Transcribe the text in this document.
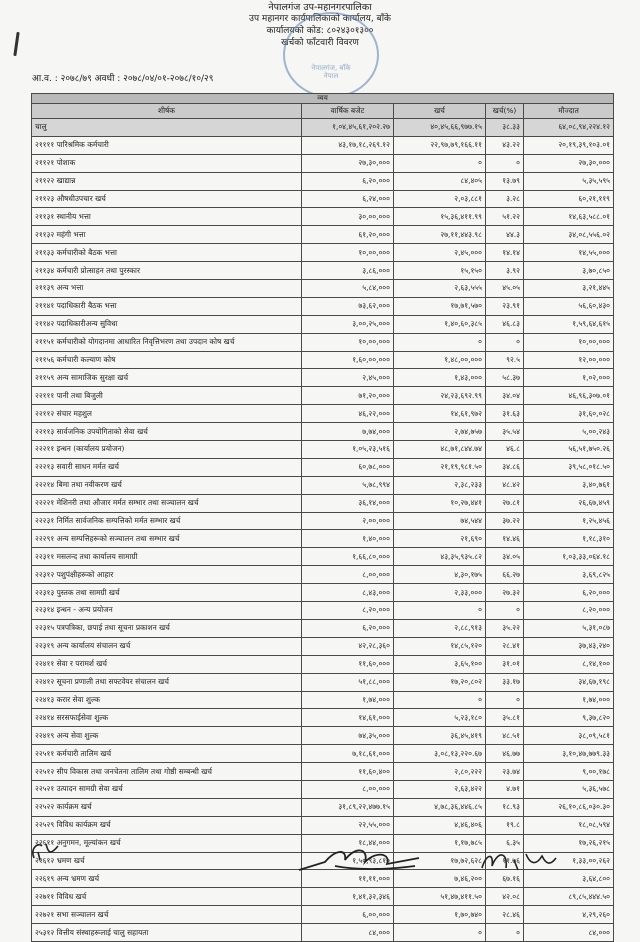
नेपालगंज उप-महानगरपालिका
उप महानगर कार्यपालिकाको कार्यालय, बाँके
कार्यालयको कोड: ८०२४३०१३००
खर्चको फाँटवारी विवरण
नेपालगंज, बाँके
नेपाल
आ.व. : २०७८/७९ अवधी : २०७८/०४/०१-२०७८/१०/२९
व्यय				
शीर्षक	वार्षिक बजेट	खर्च	खर्च(%)	मौज्दात
चालु	१,०४,४५,६१,२०२.२७	४०,४५,६६,९७७.१५	३८.३३	६४,०८,९४,२२४.१२
२११११ पारिश्रमिक कर्मचारी	४३,१७,१८,२६९.१२	२२,९७,७९,१६६.११	४३.२२	२०,१९,३९,१०३.०१
२११२१ पोशाक	२७,३०,०००	०	०	२७,३०,०००
२११२२ खाद्यान्न	६,२०,०००	८४,४०५	१३.७९	५,३५,५९५
२११२३ औषधीउपचार खर्च	६,२४,०००	२,०३,८८१	३.२८	६०,२१,११९
२११३१ स्थानीय भत्ता	३०,००,०००	१५,३६,४११.९९	५१.२२	१४,६३,५८८.०१
२११३२ महंगी भत्ता	६१,२०,०००	२७,११,४४३.९८	४४.३	३४,०८,५५६.०२
२११३३ कर्मचारीको बैठक भत्ता	१०,००,०००	२,४५,०००	१४.१४	१४,५५,०००
२११३४ कर्मचारी प्रोत्साहन तथा पुरस्कार	३,८६,०००	१५,१५०	३.९२	३,७०,८५०
२११३९ अन्य भत्ता	५,८४,०००	२,६३,५५५	४५.०५	३,२१,४४५
२११४१ पदाधिकारी बैठक भत्ता	७३,६२,०००	१७,७१,५७०	२३.९१	५६,६०,४३०
२११४२ पदाधिकारीअन्य सुविधा	३,००,२५,०००	१,४०,६०,३८५	४६.८३	१,५९,६४,६१५
२११५१ कर्मचारीको योगदानमा आधारित निवृत्तिभरण तथा उपदान कोष खर्च	१०,००,०००	०	०	१०,००,०००
२११५६ कर्मचारी कल्याण कोष	१,६०,००,०००	१,४८,००,०००	९२.५	१२,००,०००
२११५९ अन्य सामाजिक सुरक्षा खर्च	२,४५,०००	१,४३,०००	५८.३७	१,०२,०००
२२१११ पानी तथा बिजुली	७१,२०,०००	२४,२३,६९२.९९	३४.०४	४६,९६,३०७.०१
२२११२ संचार महशुल	४६,२२,०००	१४,६१,९७२	३१.६३	३१,६०,०२८
२२११३ सार्वजनिक उपयोगिताको सेवा खर्च	७,७४,०००	२,७४,७५७	३५.५४	५,००,२४३
२२२११ इन्धन (कार्यालय प्रयोजन)	१,०५,२३,५१६	४८,७१,८४४.७४	४६.८	५६,५१,७५०.२६
२२२१३ सवारी साधन मर्मत खर्च	६०,७८,०००	२१,१९,९८१.५०	३४.८६	३९,५८,०१८.५०
२२२१४ बिमा तथा नवीकरण खर्च	५,७८,९९४	२,३८,२३३	४८.४२	३,४०,७६१
२२२२१ मेशिनरी तथा औजार मर्मत सम्भार तथा सञ्चालन खर्च	३६,१४,०००	१०,२७,४४१	२७.८१	२६,६७,४५९
२२२३१ निर्मित सार्वजनिक सम्पत्तिको मर्मत सम्भार खर्च	२,००,०००	७४,५४४	३७.२२	१,२५,४५६
२२२९१ अन्य सम्पत्तिहरूको सञ्चालन तथा सम्भार खर्च	१,४०,०००	२१,६९०	१४.४६	१,१८,३१०
२२३११ मसलन्द तथा कार्यालय सामाग्री	१,६६,८०,०००	४३,३५,९३५.८२	३४.०५	१,०३,३३,०६४.१८
२२३१२ पशुपंक्षीहरूको आहार	८,००,०००	४,३०,१७५	६६.२७	३,६९,८२५
२२३१३ पुस्तक तथा सामग्री खर्च	८,४३,०००	२,३३,०००	२७.३२	६,२०,०००
२२३१४ इन्धन - अन्य प्रयोजन	८,२०,०००	०	०	८,२०,०००
२२३१५ पत्रपत्रिका, छपाई तथा सूचना प्रकाशन खर्च	६,२०,०००	२,८८,९१३	३५.२२	५,३१,०८७
२२३१९ अन्य कार्यालय संचालन खर्च	४२,२८,३६०	१४,८५,१२०	२८.४१	३७,४३,२४०
२२४११ सेवा र परामर्श खर्च	११,६०,०००	३,६५,१००	३१.०१	८,१४,१००
२२४१२ सूचना प्रणाली तथा सफ्टवेयर संचालन खर्च	५१,८८,०००	१७,२०,८०२	३३.१७	३४,६७,१९८
२२४१३ करार सेवा शुल्क	१,७४,०००	०	०	१,७४,०००
२२४१४ सरसफाईसेवा शुल्क	१४,६१,०००	५,२३,१८०	३५.८१	९,३७,८२०
२२४१९ अन्य सेवा शुल्क	७४,३५,०००	३६,४५,४१९	४८.५१	३८,०९,५८१
२२५११ कर्मचारी तालिम खर्च	७,१८,६१,०००	३,०८,१३,२२०.६७	४६.७७	३,१०,४७,७७९.३३
२२५१२ सीप विकास तथा जनचेतना तालिम तथा गोष्ठी सम्बन्धी खर्च	११,६०,४००	२,८०,२२२	२३.७४	९,००,१७८
२२५२१ उत्पादन सामग्री सेवा खर्च	८,००,०००	२,६३,४२२	४.७१	५,३६,५७८
२२५२२ कार्यक्रम खर्च	३१,८९,२२,४७७.१५	४,७८,३६,४४६.८५	१८.९३	२६,१०,८६,०३०.३०
२२५२९ विविध कार्यक्रम खर्च	२२,५५,०००	४,४६,४०६	१९.८	१८,०८,५९४
२२६११ अनुगमन, मूल्यांकन खर्च	१८,४४,०००	१,१७,७८५	६.३५	१७,२६,२१५
२२६१२ भ्रमण खर्च	१,५०,९३,८१०	१७,७२,६२८	११.७६	१,३३,००,२६२
२२६१९ अन्य भ्रमण खर्च	११,११,०००	७,४६,२००	६७.१६	३,६४,८००
२२७११ विविध खर्च	१,४१,३२,३४६	५१,४७,४११.५०	४२.०८	८९,८५,४४४.५०
२२७२१ सभा सञ्चालन खर्च	६,००,०००	१,७०,७४०	२८.४६	४,२९,२६०
२५३१२ वित्तीय संस्थाहरूलाई चालु सहायता	८४,०००	०	०	८४,०००
